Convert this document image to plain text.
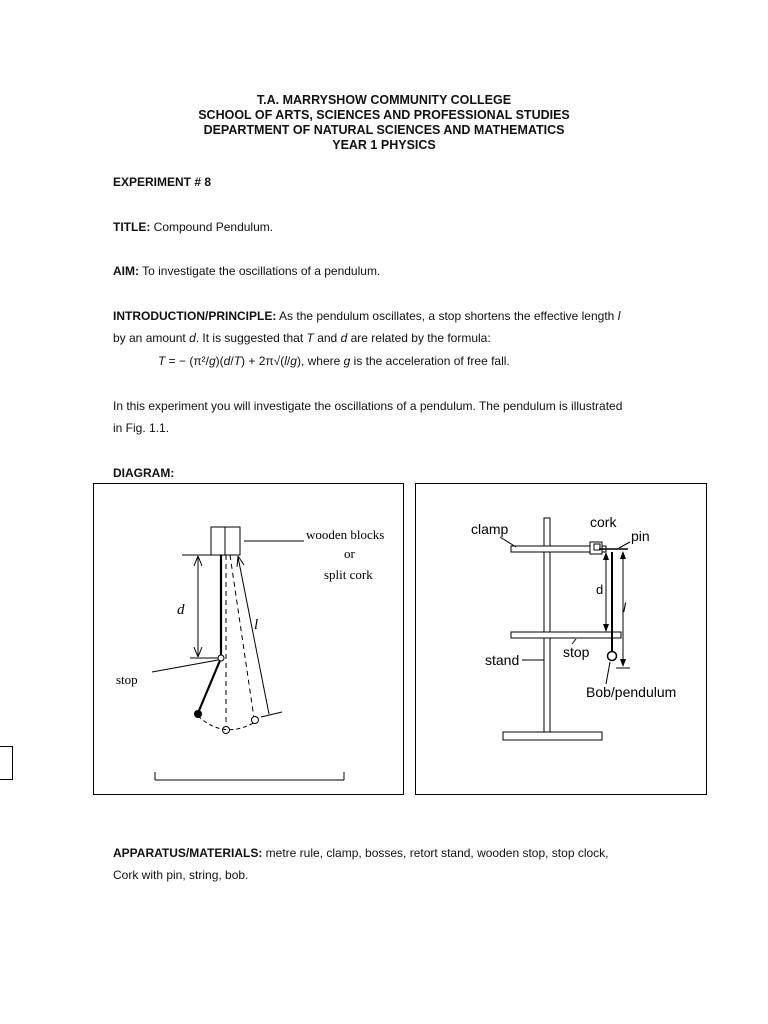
T.A. MARRYSHOW COMMUNITY COLLEGE
SCHOOL OF ARTS, SCIENCES AND PROFESSIONAL STUDIES
DEPARTMENT OF NATURAL SCIENCES AND MATHEMATICS
YEAR 1 PHYSICS
EXPERIMENT # 8
TITLE: Compound Pendulum.
AIM: To investigate the oscillations of a pendulum.
INTRODUCTION/PRINCIPLE: As the pendulum oscillates, a stop shortens the effective length l
by an amount d. It is suggested that T and d are related by the formula:
T = − (π²/g)(d/T) + 2π√(l/g), where g is the acceleration of free fall.
In this experiment you will investigate the oscillations of a pendulum. The pendulum is illustrated
in Fig. 1.1.
DIAGRAM:
wooden blocks
or
split cork
d
stop
l
d
l
clamp	cork
pin
stand	stop
Bob/pendulum
APPARATUS/MATERIALS: metre rule, clamp, bosses, retort stand, wooden stop, stop clock,
Cork with pin, string, bob.
